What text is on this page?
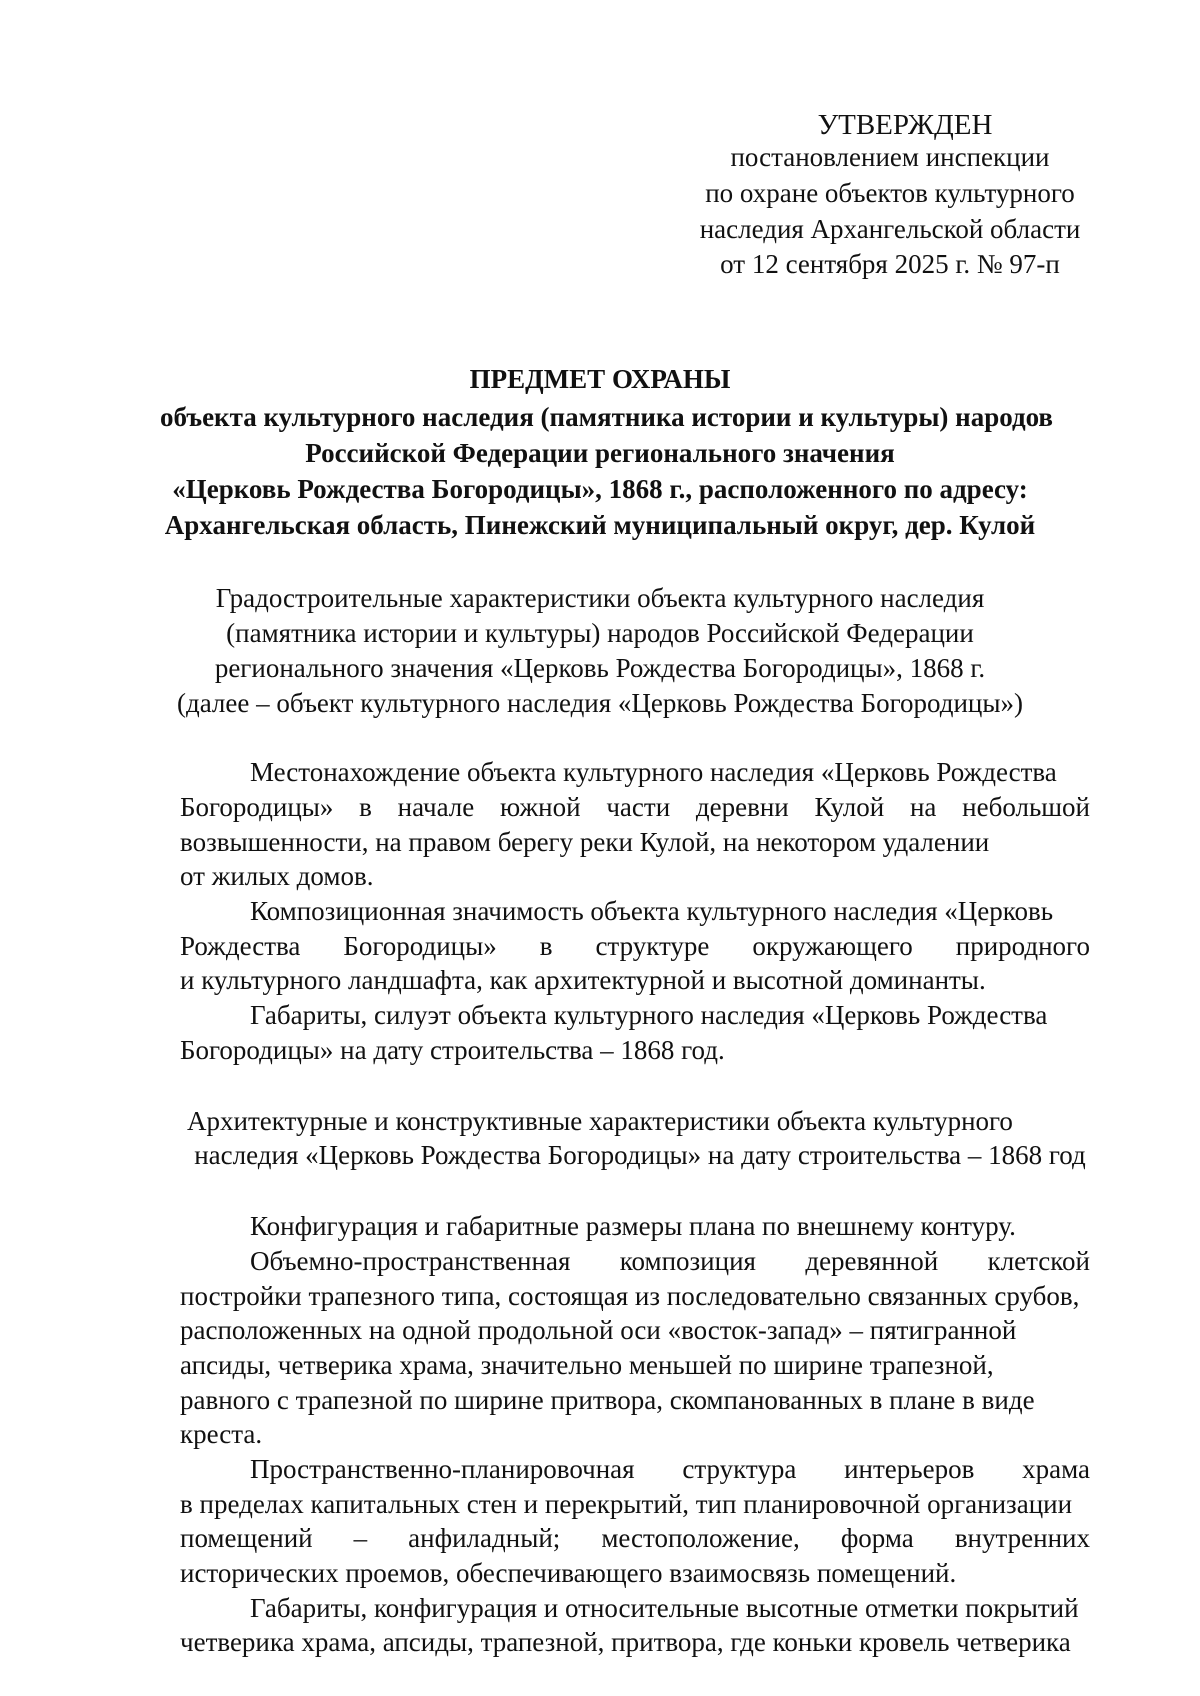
УТВЕРЖДЕН
постановлением инспекции
по охране объектов культурного
наследия Архангельской области
от 12 сентября 2025 г. № 97-п
ПРЕДМЕТ ОХРАНЫ
объекта культурного наследия (памятника истории и культуры) народов
Российской Федерации регионального значения
«Церковь Рождества Богородицы», 1868 г., расположенного по адресу:
Архангельская область, Пинежский муниципальный округ, дер. Кулой
Градостроительные характеристики объекта культурного наследия
(памятника истории и культуры) народов Российской Федерации
регионального значения «Церковь Рождества Богородицы», 1868 г.
(далее – объект культурного наследия «Церковь Рождества Богородицы»)
Местонахождение объекта культурного наследия «Церковь Рождества
Богородицы» в начале южной части деревни Кулой на небольшой
возвышенности, на правом берегу реки Кулой, на некотором удалении
от жилых домов.
Композиционная значимость объекта культурного наследия «Церковь
Рождества Богородицы» в структуре окружающего природного
и культурного ландшафта, как архитектурной и высотной доминанты.
Габариты, силуэт объекта культурного наследия «Церковь Рождества
Богородицы» на дату строительства – 1868 год.
Архитектурные и конструктивные характеристики объекта культурного
наследия «Церковь Рождества Богородицы» на дату строительства – 1868 год
Конфигурация и габаритные размеры плана по внешнему контуру.
Объемно-пространственная композиция деревянной клетской
постройки трапезного типа, состоящая из последовательно связанных срубов,
расположенных на одной продольной оси «восток-запад» – пятигранной
апсиды, четверика храма, значительно меньшей по ширине трапезной,
равного с трапезной по ширине притвора, скомпанованных в плане в виде
креста.
Пространственно-планировочная структура интерьеров храма
в пределах капитальных стен и перекрытий, тип планировочной организации
помещений – анфиладный; местоположение, форма внутренних
исторических проемов, обеспечивающего взаимосвязь помещений.
Габариты, конфигурация и относительные высотные отметки покрытий
четверика храма, апсиды, трапезной, притвора, где коньки кровель четверика
